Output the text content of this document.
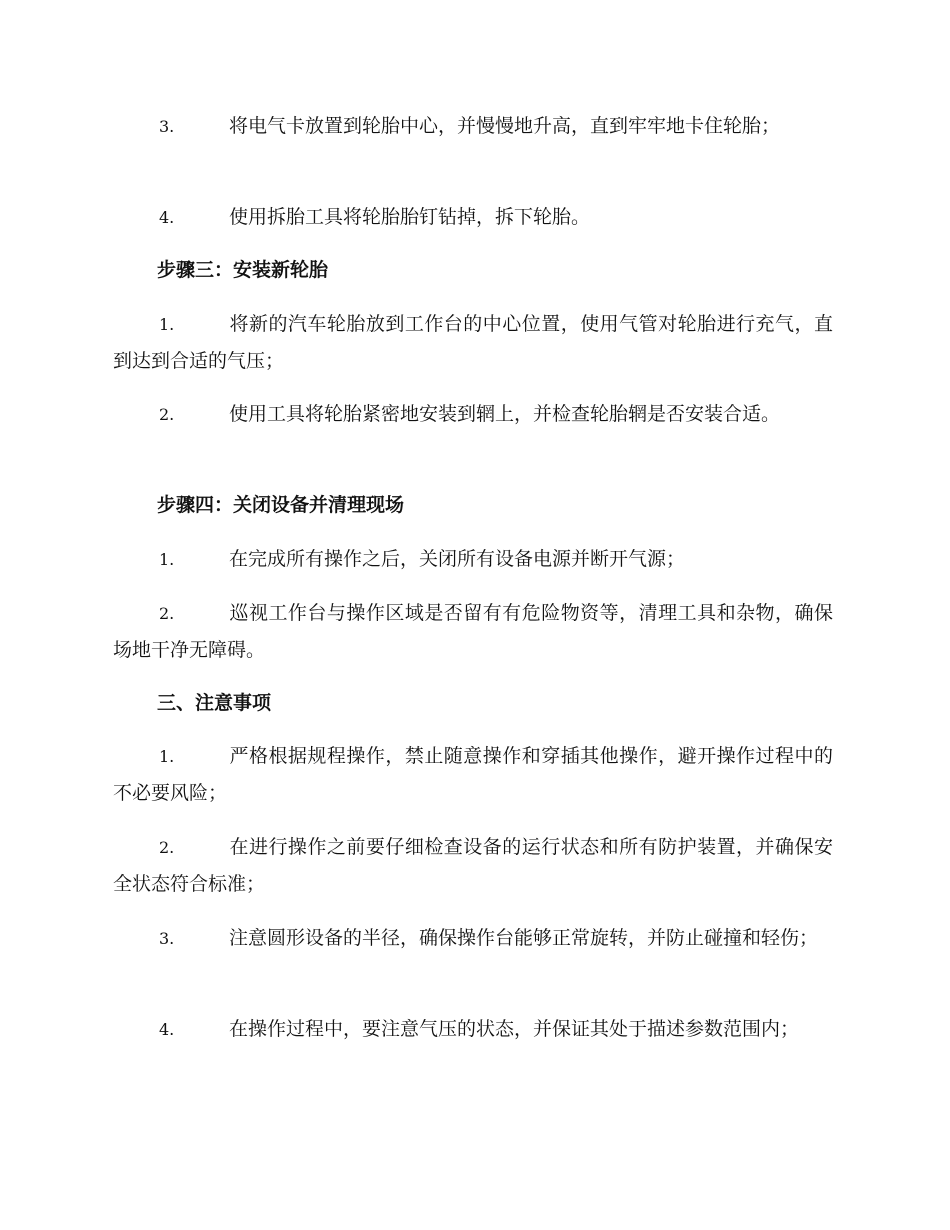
3.	将电气卡放置到轮胎中心，并慢慢地升高，直到牢牢地卡住轮胎；

4.	使用拆胎工具将轮胎胎钉钻掉，拆下轮胎。

步骤三：安装新轮胎

1.	将新的汽车轮胎放到工作台的中心位置，使用气管对轮胎进行充气，直到达到合适的气压；

2.	使用工具将轮胎紧密地安装到辋上，并检查轮胎辋是否安装合适。

步骤四：关闭设备并清理现场

1.	在完成所有操作之后，关闭所有设备电源并断开气源；

2.	巡视工作台与操作区域是否留有有危险物资等，清理工具和杂物，确保场地干净无障碍。

三、注意事项

1.	严格根据规程操作，禁止随意操作和穿插其他操作，避开操作过程中的不必要风险；

2.	在进行操作之前要仔细检查设备的运行状态和所有防护装置，并确保安全状态符合标准；

3.	注意圆形设备的半径，确保操作台能够正常旋转，并防止碰撞和轻伤；

4.	在操作过程中，要注意气压的状态，并保证其处于描述参数范围内；
